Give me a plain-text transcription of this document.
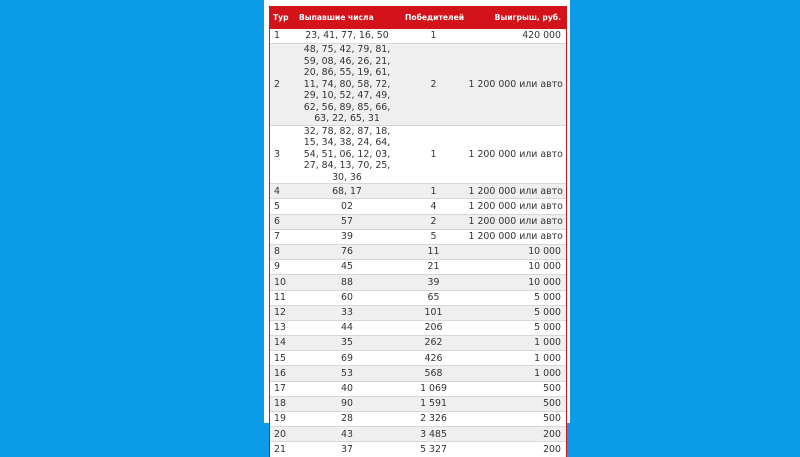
Тур	Выпавшие числа	Победителей	Выигрыш, руб.
1	23, 41, 77, 16, 50	1	420 000
2	48, 75, 42, 79, 81, 59, 08, 46, 26, 21, 20, 86, 55, 19, 61, 11, 74, 80, 58, 72, 29, 10, 52, 47, 49, 62, 56, 89, 85, 66, 63, 22, 65, 31	2	1 200 000 или авто
3	32, 78, 82, 87, 18, 15, 34, 38, 24, 64, 54, 51, 06, 12, 03, 27, 84, 13, 70, 25, 30, 36	1	1 200 000 или авто
4	68, 17	1	1 200 000 или авто
5	02	4	1 200 000 или авто
6	57	2	1 200 000 или авто
7	39	5	1 200 000 или авто
8	76	11	10 000
9	45	21	10 000
10	88	39	10 000
11	60	65	5 000
12	33	101	5 000
13	44	206	5 000
14	35	262	1 000
15	69	426	1 000
16	53	568	1 000
17	40	1 069	500
18	90	1 591	500
19	28	2 326	500
20	43	3 485	200
21	37	5 327	200
